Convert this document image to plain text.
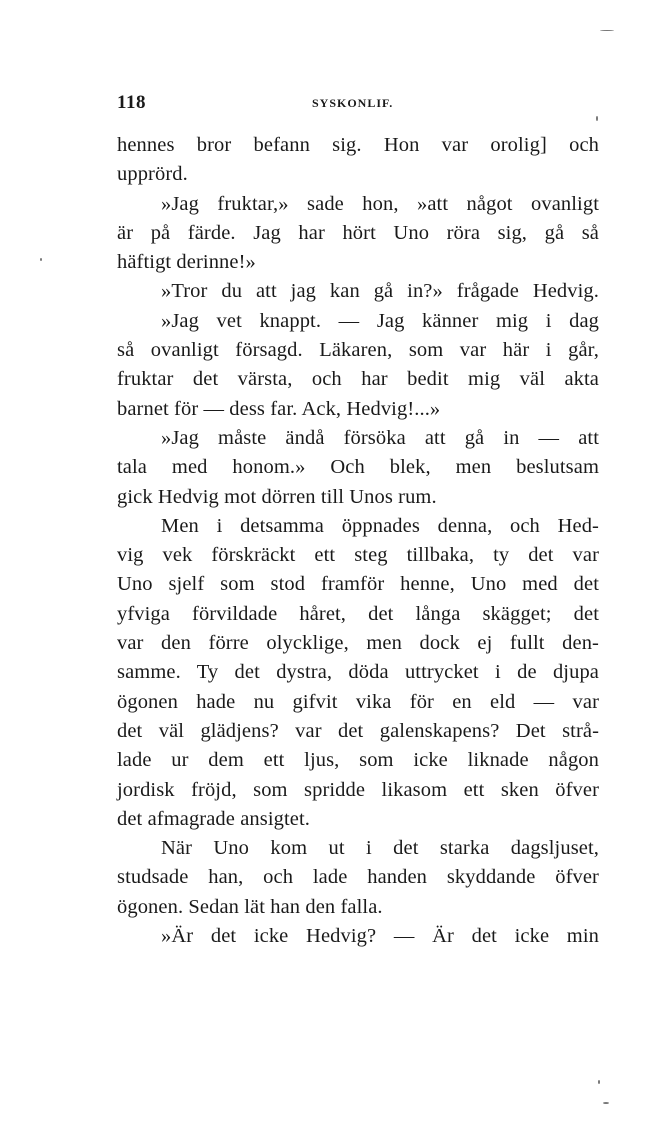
118	SYSKONLIF.
hennes bror befann sig. Hon var orolig] och
upprörd.
»Jag fruktar,» sade hon, »att något ovanligt
är på färde. Jag har hört Uno röra sig, gå så
häftigt derinne!»
»Tror du att jag kan gå in?» frågade Hedvig.
»Jag vet knappt. — Jag känner mig i dag
så ovanligt försagd. Läkaren, som var här i går,
fruktar det värsta, och har bedit mig väl akta
barnet för — dess far. Ack, Hedvig!...»
»Jag måste ändå försöka att gå in — att
tala med honom.» Och blek, men beslutsam
gick Hedvig mot dörren till Unos rum.
Men i detsamma öppnades denna, och Hed-
vig vek förskräckt ett steg tillbaka, ty det var
Uno sjelf som stod framför henne, Uno med det
yfviga förvildade håret, det långa skägget; det
var den förre olycklige, men dock ej fullt den-
samme. Ty det dystra, döda uttrycket i de djupa
ögonen hade nu gifvit vika för en eld — var
det väl glädjens? var det galenskapens? Det strå-
lade ur dem ett ljus, som icke liknade någon
jordisk fröjd, som spridde likasom ett sken öfver
det afmagrade ansigtet.
När Uno kom ut i det starka dagsljuset,
studsade han, och lade handen skyddande öfver
ögonen. Sedan lät han den falla.
»Är det icke Hedvig? — Är det icke min
